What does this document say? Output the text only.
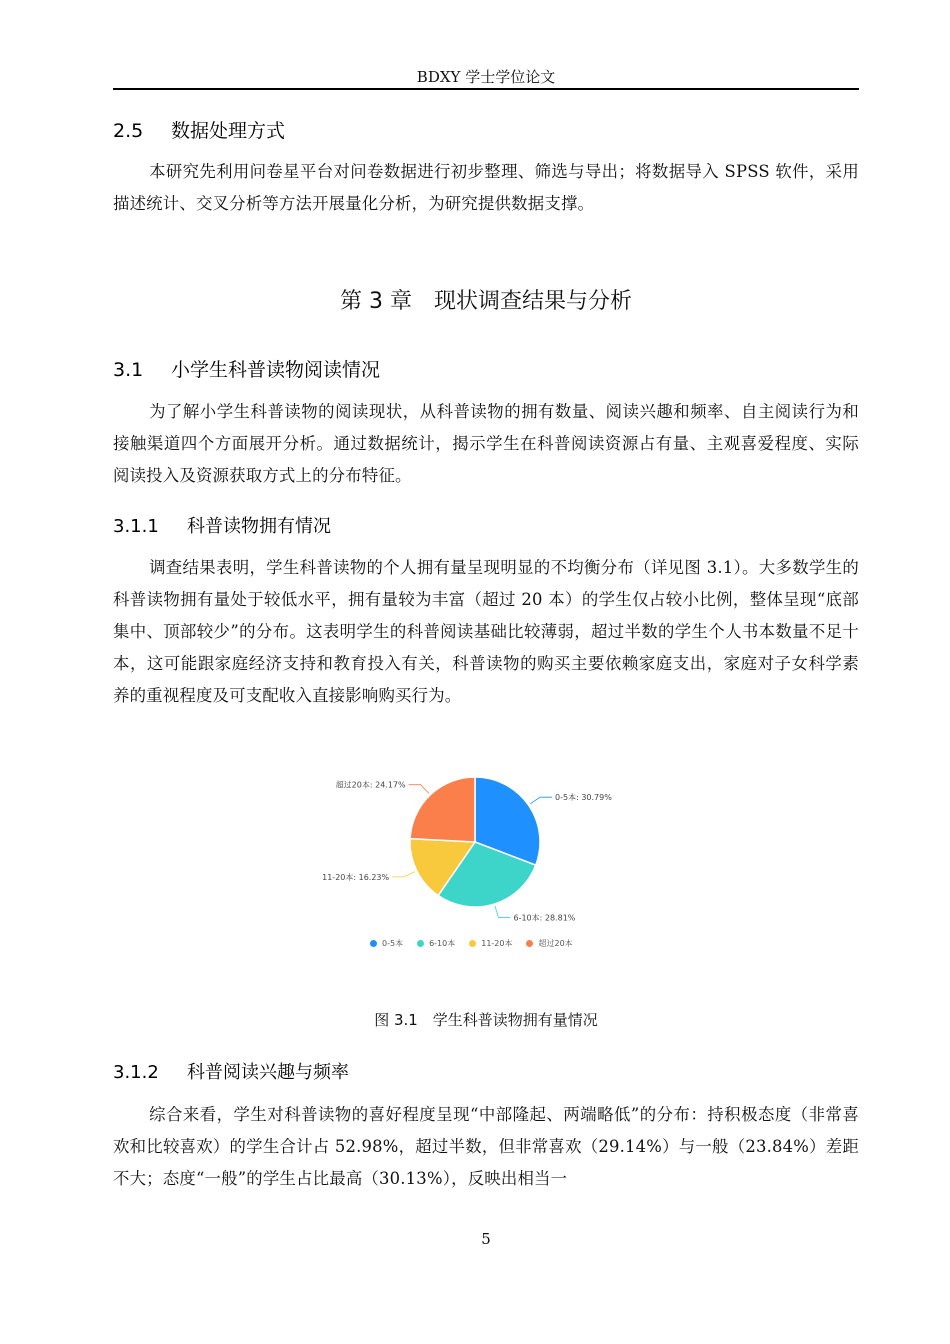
BDXY 学士学位论文
2.5 数据处理方式
本研究先利用问卷星平台对问卷数据进行初步整理、筛选与导出；将数据导入 SPSS 软件，采用描述统计、交叉分析等方法开展量化分析，为研究提供数据支撑。
第 3 章　现状调查结果与分析
3.1 小学生科普读物阅读情况
为了解小学生科普读物的阅读现状，从科普读物的拥有数量、阅读兴趣和频率、自主阅读行为和接触渠道四个方面展开分析。通过数据统计，揭示学生在科普阅读资源占有量、主观喜爱程度、实际阅读投入及资源获取方式上的分布特征。
3.1.1 科普读物拥有情况
调查结果表明，学生科普读物的个人拥有量呈现明显的不均衡分布（详见图 3.1）。大多数学生的科普读物拥有量处于较低水平，拥有量较为丰富（超过 20 本）的学生仅占较小比例，整体呈现“底部集中、顶部较少”的分布。这表明学生的科普阅读基础比较薄弱，超过半数的学生个人书本数量不足十本，这可能跟家庭经济支持和教育投入有关，科普读物的购买主要依赖家庭支出，家庭对子女科学素养的重视程度及可支配收入直接影响购买行为。
0-5本: 30.79%
6-10本: 28.81%
11-20本: 16.23%
超过20本: 24.17%
0-5本	6-10本	11-20本	超过20本
图 3.1　学生科普读物拥有量情况
3.1.2 科普阅读兴趣与频率
综合来看，学生对科普读物的喜好程度呈现“中部隆起、两端略低”的分布：持积极态度（非常喜欢和比较喜欢）的学生合计占 52.98%，超过半数，但非常喜欢（29.14%）与一般（23.84%）差距不大；态度“一般”的学生占比最高（30.13%），反映出相当一
5
